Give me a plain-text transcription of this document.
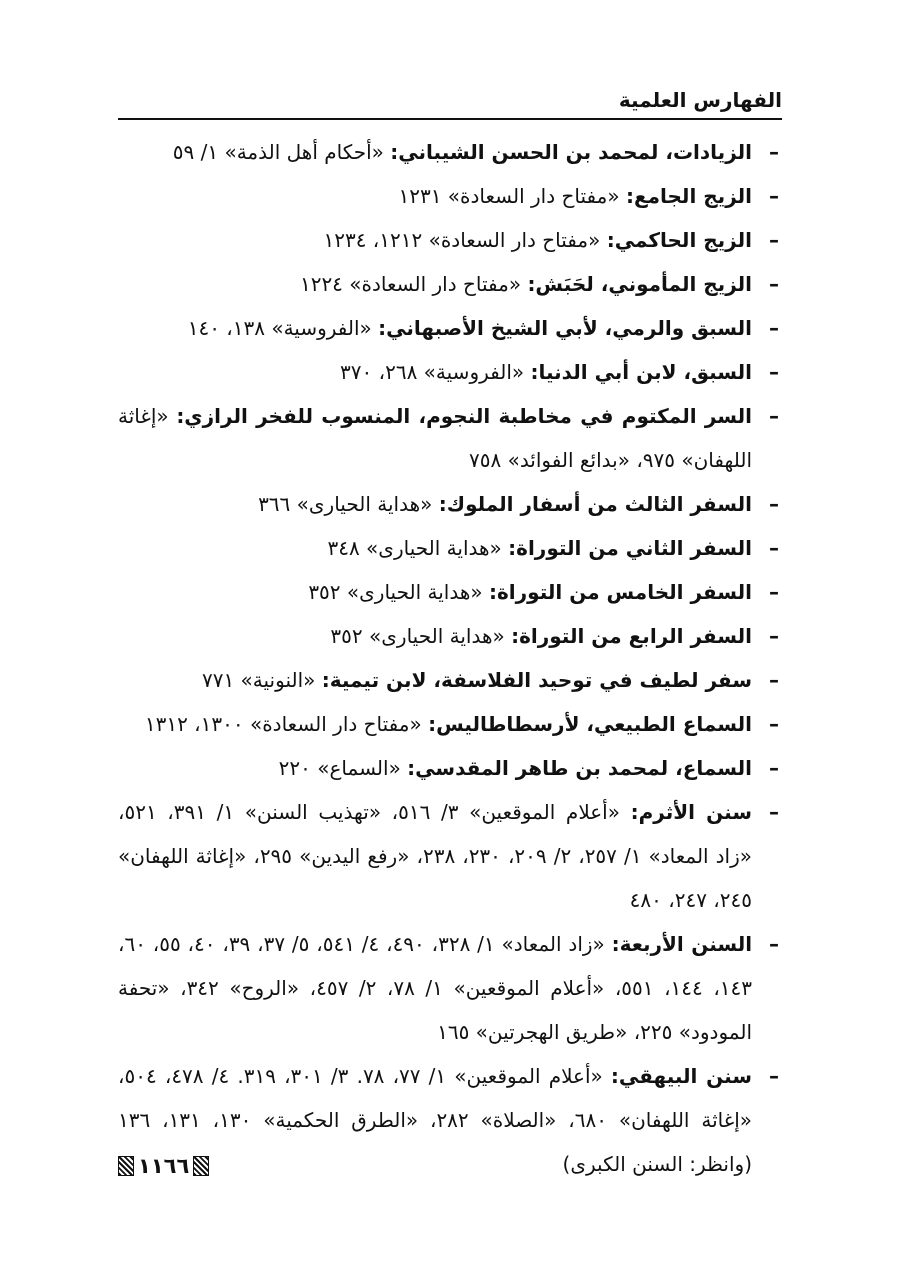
الفهارس العلمية
–
الزيادات، لمحمد بن الحسن الشيباني: «أحكام أهل الذمة» ١/ ٥٩
–
الزيج الجامع: «مفتاح دار السعادة» ١٢٣١
–
الزيج الحاكمي: «مفتاح دار السعادة» ١٢١٢، ١٢٣٤
–
الزيج المأموني، لحَبَش: «مفتاح دار السعادة» ١٢٢٤
–
السبق والرمي، لأبي الشيخ الأصبهاني: «الفروسية» ١٣٨، ١٤٠
–
السبق، لابن أبي الدنيا: «الفروسية» ٢٦٨، ٣٧٠
–
السر المكتوم في مخاطبة النجوم، المنسوب للفخر الرازي: «إغاثة اللهفان» ٩٧٥، «بدائع الفوائد» ٧٥٨
–
السفر الثالث من أسفار الملوك: «هداية الحيارى» ٣٦٦
–
السفر الثاني من التوراة: «هداية الحيارى» ٣٤٨
–
السفر الخامس من التوراة: «هداية الحيارى» ٣٥٢
–
السفر الرابع من التوراة: «هداية الحيارى» ٣٥٢
–
سفر لطيف في توحيد الفلاسفة، لابن تيمية: «النونية» ٧٧١
–
السماع الطبيعي، لأرسطاطاليس: «مفتاح دار السعادة» ١٣٠٠، ١٣١٢
–
السماع، لمحمد بن طاهر المقدسي: «السماع» ٢٢٠
–
سنن الأثرم: «أعلام الموقعين» ٣/ ٥١٦، «تهذيب السنن» ١/ ٣٩١، ٥٢١، «زاد المعاد» ١/ ٢٥٧، ٢/ ٢٠٩، ٢٣٠، ٢٣٨، «رفع اليدين» ٢٩٥، «إغاثة اللهفان» ٢٤٥، ٢٤٧، ٤٨٠
–
السنن الأربعة: «زاد المعاد» ١/ ٣٢٨، ٤٩٠، ٤/ ٥٤١، ٥/ ٣٧، ٣٩، ٤٠، ٥٥، ٦٠، ١٤٣، ١٤٤، ٥٥١، «أعلام الموقعين» ١/ ٧٨، ٢/ ٤٥٧، «الروح» ٣٤٢، «تحفة المودود» ٢٢٥، «طريق الهجرتين» ١٦٥
–
سنن البيهقي: «أعلام الموقعين» ١/ ٧٧، ٧٨. ٣/ ٣٠١، ٣١٩. ٤/ ٤٧٨، ٥٠٤، «إغاثة اللهفان» ٦٨٠، «الصلاة» ٢٨٢، «الطرق الحكمية» ١٣٠، ١٣١، ١٣٦ (وانظر: السنن الكبرى)
١١٦٦
